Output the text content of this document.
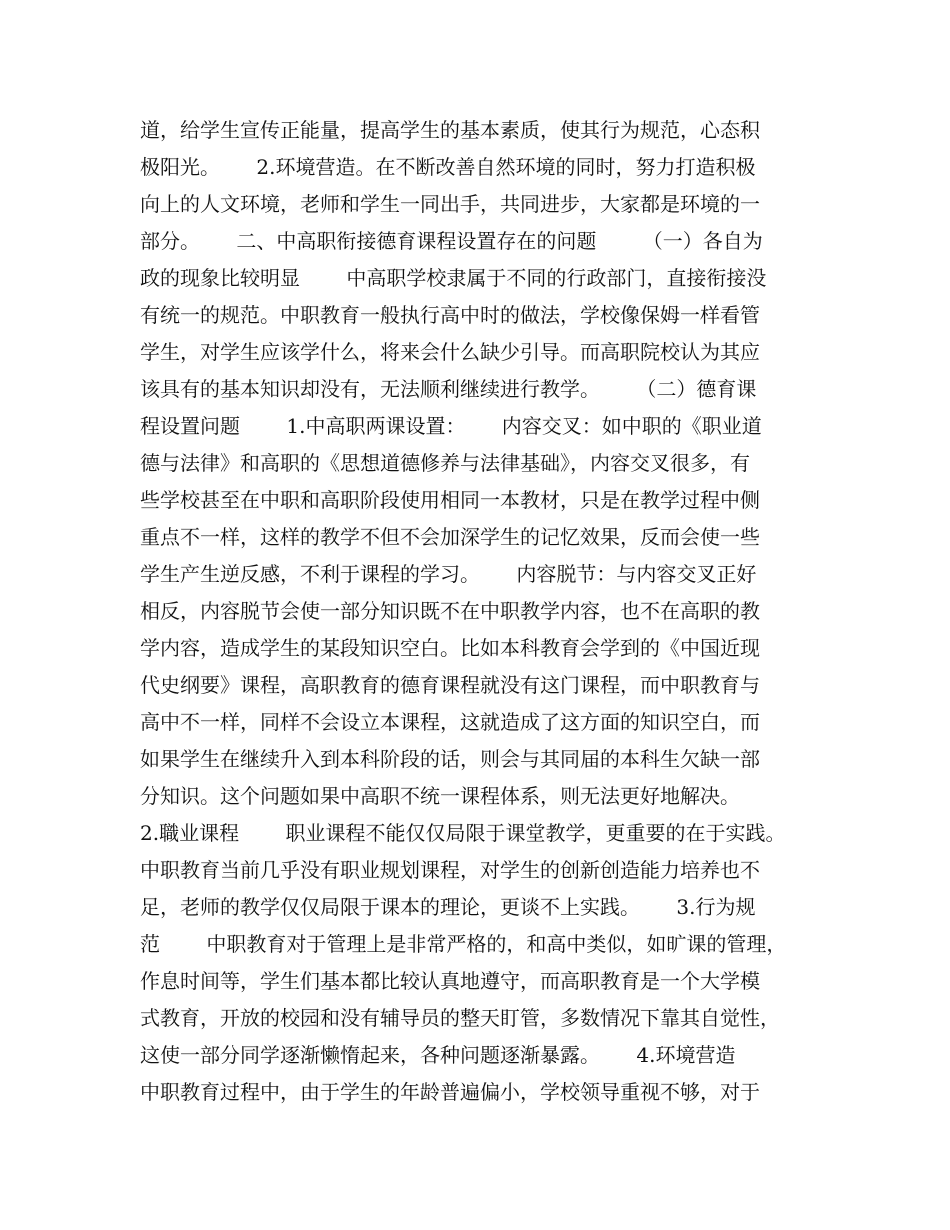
道，给学生宣传正能量，提高学生的基本素质，使其行为规范，心态积
极阳光。　　 2.环境营造。在不断改善自然环境的同时，努力打造积极
向上的人文环境，老师和学生一同出手，共同进步，大家都是环境的一
部分。　　 二、中高职衔接德育课程设置存在的问题　　 （一）各自为
政的现象比较明显　　 中高职学校隶属于不同的行政部门，直接衔接没
有统一的规范。中职教育一般执行高中时的做法，学校像保姆一样看管
学生，对学生应该学什么，将来会什么缺少引导。而高职院校认为其应
该具有的基本知识却没有，无法顺利继续进行教学。　　 （二）德育课
程设置问题　　 1.中高职两课设置：　　 内容交叉：如中职的《职业道
德与法律》和高职的《思想道德修养与法律基础》，内容交叉很多，有
些学校甚至在中职和高职阶段使用相同一本教材，只是在教学过程中侧
重点不一样，这样的教学不但不会加深学生的记忆效果，反而会使一些
学生产生逆反感，不利于课程的学习。　　 内容脱节：与内容交叉正好
相反，内容脱节会使一部分知识既不在中职教学内容，也不在高职的教
学内容，造成学生的某段知识空白。比如本科教育会学到的《中国近现
代史纲要》课程，高职教育的德育课程就没有这门课程，而中职教育与
高中不一样，同样不会设立本课程，这就造成了这方面的知识空白，而
如果学生在继续升入到本科阶段的话，则会与其同届的本科生欠缺一部
分知识。这个问题如果中高职不统一课程体系，则无法更好地解决。
2.職业课程　　 职业课程不能仅仅局限于课堂教学，更重要的在于实践。
中职教育当前几乎没有职业规划课程，对学生的创新创造能力培养也不
足，老师的教学仅仅局限于课本的理论，更谈不上实践。　　 3.行为规
范　　 中职教育对于管理上是非常严格的，和高中类似，如旷课的管理，
作息时间等，学生们基本都比较认真地遵守，而高职教育是一个大学模
式教育，开放的校园和没有辅导员的整天盯管，多数情况下靠其自觉性，
这使一部分同学逐渐懒惰起来，各种问题逐渐暴露。　　 4.环境营造
中职教育过程中，由于学生的年龄普遍偏小，学校领导重视不够，对于
